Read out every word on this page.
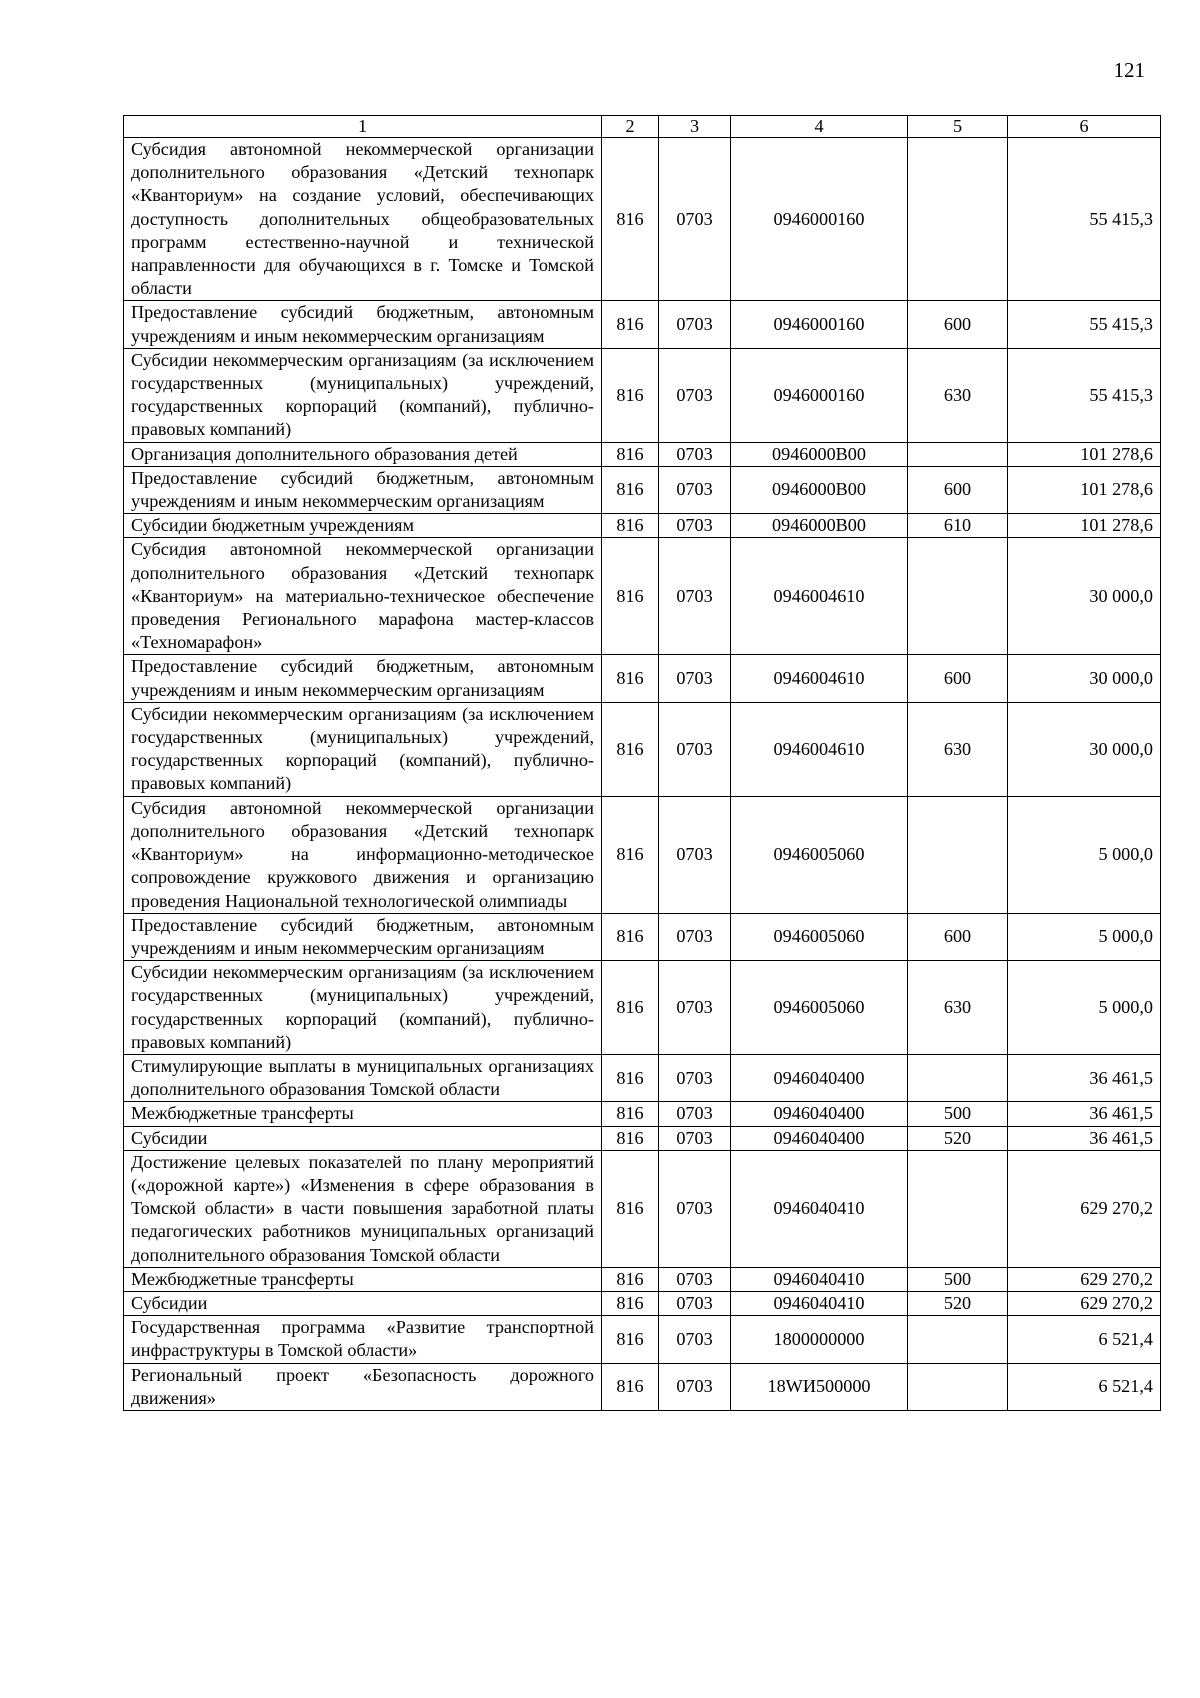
121
1	2	3	4	5	6
Субсидия автономной некоммерческой организации дополнительного образования «Детский технопарк «Кванториум» на создание условий, обеспечивающих доступность дополнительных общеобразовательных программ естественно-научной и технической направленности для обучающихся в г. Томске и Томской области	816	0703	0946000160		55 415,3
Предоставление субсидий бюджетным, автономным учреждениям и иным некоммерческим организациям	816	0703	0946000160	600	55 415,3
Субсидии некоммерческим организациям (за исключением государственных (муниципальных) учреждений, государственных корпораций (компаний), публично-правовых компаний)	816	0703	0946000160	630	55 415,3
Организация дополнительного образования детей	816	0703	0946000В00		101 278,6
Предоставление субсидий бюджетным, автономным учреждениям и иным некоммерческим организациям	816	0703	0946000В00	600	101 278,6
Субсидии бюджетным учреждениям	816	0703	0946000В00	610	101 278,6
Субсидия автономной некоммерческой организации дополнительного образования «Детский технопарк «Кванториум» на материально-техническое обеспечение проведения Регионального марафона мастер-классов «Техномарафон»	816	0703	0946004610		30 000,0
Предоставление субсидий бюджетным, автономным учреждениям и иным некоммерческим организациям	816	0703	0946004610	600	30 000,0
Субсидии некоммерческим организациям (за исключением государственных (муниципальных) учреждений, государственных корпораций (компаний), публично-правовых компаний)	816	0703	0946004610	630	30 000,0
Субсидия автономной некоммерческой организации дополнительного образования «Детский технопарк «Кванториум» на информационно-методическое сопровождение кружкового движения и организацию проведения Национальной технологической олимпиады	816	0703	0946005060		5 000,0
Предоставление субсидий бюджетным, автономным учреждениям и иным некоммерческим организациям	816	0703	0946005060	600	5 000,0
Субсидии некоммерческим организациям (за исключением государственных (муниципальных) учреждений, государственных корпораций (компаний), публично-правовых компаний)	816	0703	0946005060	630	5 000,0
Стимулирующие выплаты в муниципальных организациях дополнительного образования Томской области	816	0703	0946040400		36 461,5
Межбюджетные трансферты	816	0703	0946040400	500	36 461,5
Субсидии	816	0703	0946040400	520	36 461,5
Достижение целевых показателей по плану мероприятий («дорожной карте») «Изменения в сфере образования в Томской области» в части повышения заработной платы педагогических работников муниципальных организаций дополнительного образования Томской области	816	0703	0946040410		629 270,2
Межбюджетные трансферты	816	0703	0946040410	500	629 270,2
Субсидии	816	0703	0946040410	520	629 270,2
Государственная программа «Развитие транспортной инфраструктуры в Томской области»	816	0703	1800000000		6 521,4
Региональный проект «Безопасность дорожного движения»	816	0703	18WИ500000		6 521,4
